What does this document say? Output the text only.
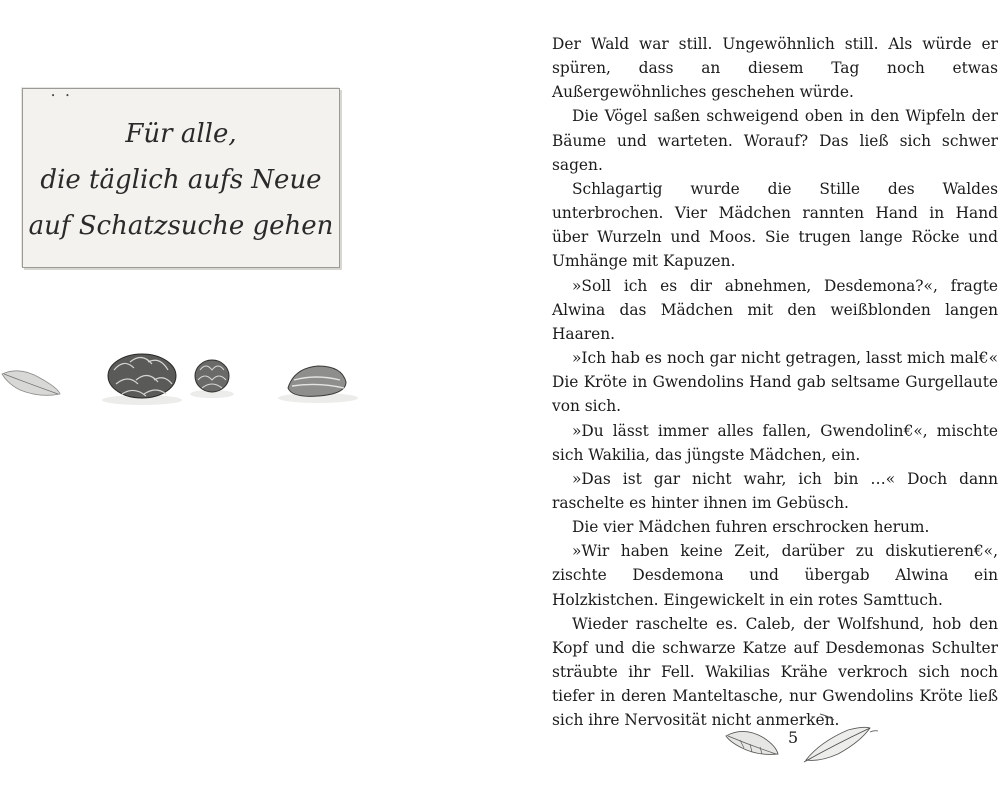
• • Für alle,
die täglich aufs Neue
auf Schatzsuche gehen

Der Wald war still. Ungewöhnlich still. Als würde er spüren, dass an diesem Tag noch etwas Außergewöhnliches geschehen würde.

Die Vögel saßen schweigend oben in den Wipfeln der Bäume und warteten. Worauf? Das ließ sich schwer sagen.

Schlagartig wurde die Stille des Waldes unterbrochen. Vier Mädchen rannten Hand in Hand über Wurzeln und Moos. Sie trugen lange Röcke und Umhänge mit Kapuzen.

»Soll ich es dir abnehmen, Desdemona?«, fragte Alwina das Mädchen mit den weißblonden langen Haaren.

»Ich hab es noch gar nicht getragen, lasst mich mal€« Die Kröte in Gwendolins Hand gab seltsame Gurgellaute von sich.

»Du lässt immer alles fallen, Gwendolin€«, mischte sich Wakilia, das jüngste Mädchen, ein.

»Das ist gar nicht wahr, ich bin …« Doch dann raschelte es hinter ihnen im Gebüsch.

Die vier Mädchen fuhren erschrocken herum.

»Wir haben keine Zeit, darüber zu diskutieren€«, zischte Desdemona und übergab Alwina ein Holzkistchen. Eingewickelt in ein rotes Samttuch.

Wieder raschelte es. Caleb, der Wolfshund, hob den Kopf und die schwarze Katze auf Desdemonas Schulter sträubte ihr Fell. Wakilias Krähe verkroch sich noch tiefer in deren Manteltasche, nur Gwendolins Kröte ließ sich ihre Nervosität nicht anmerken.

5
